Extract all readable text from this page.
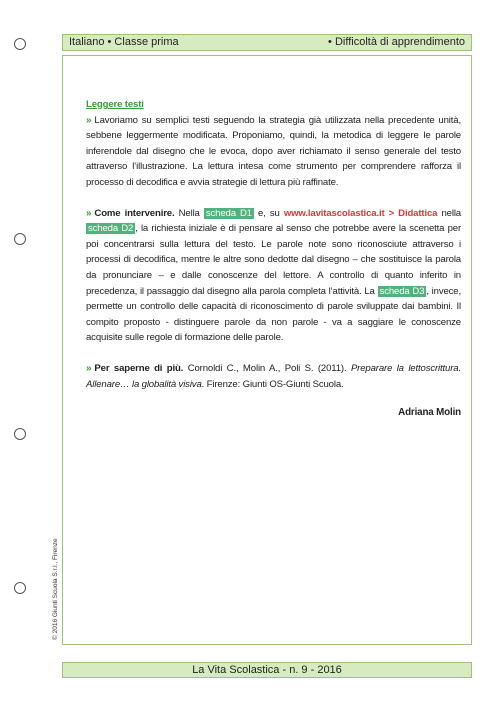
Italiano • Classe prima	• Difficoltà di apprendimento
Leggere testi

» Lavoriamo su semplici testi seguendo la strategia già utilizzata nella precedente unità, sebbene leggermente modificata. Proponiamo, quindi, la metodica di leggere le parole inferendole dal disegno che le evoca, dopo aver richiamato il senso generale del testo attraverso l’illustrazione. La lettura intesa come strumento per comprendere rafforza il processo di decodifica e avvia strategie di lettura più raffinate.

» Come intervenire. Nella scheda D1 e, su www.lavitascolastica.it > Didattica nella scheda D2 , la richiesta iniziale è di pensare al senso che potrebbe avere la scenetta per poi concentrarsi sulla lettura del testo. Le parole note sono riconosciute attraverso i processi di decodifica, mentre le altre sono dedotte dal disegno – che sostituisce la parola da pronunciare – e dalle conoscenze del lettore. A controllo di quanto inferito in precedenza, il passaggio dal disegno alla parola completa l’attività. La scheda D3 , invece, permette un controllo delle capacità di riconoscimento di parole sviluppate dai bambini. Il compito proposto - distinguere parole da non parole - va a saggiare le conoscenze acquisite sulle regole di formazione delle parole.

» Per saperne di più. Cornoldi C., Molin A., Poli S. (2011). Preparare la lettoscrittura. Allenare… la globalità visiva. Firenze: Giunti OS-Giunti Scuola.

Adriana Molin
© 2016 Giunti Scuola S.r.l., Firenze
La Vita Scolastica - n. 9 - 2016
